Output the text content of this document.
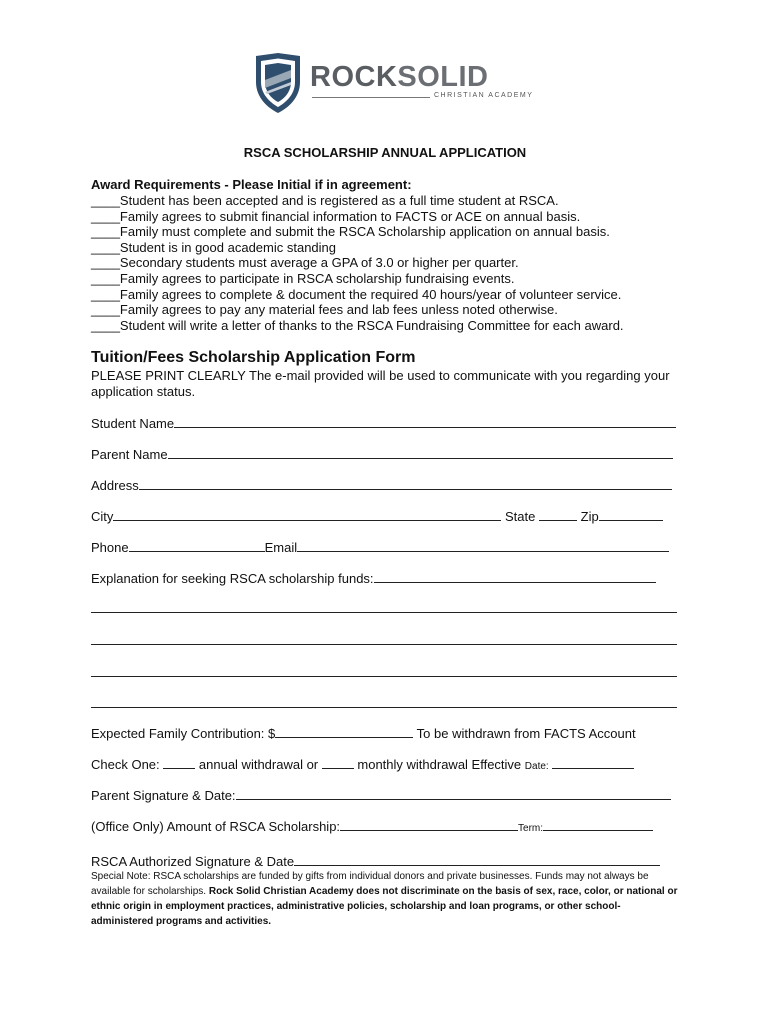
ROCKSOLID
CHRISTIAN ACADEMY
RSCA SCHOLARSHIP ANNUAL APPLICATION
Award Requirements - Please Initial if in agreement:
____Student has been accepted and is registered as a full time student at RSCA.
____Family agrees to submit financial information to FACTS or ACE on annual basis.
____Family must complete and submit the RSCA Scholarship application on annual basis.
____Student is in good academic standing
____Secondary students must average a GPA of 3.0 or higher per quarter.
____Family agrees to participate in RSCA scholarship fundraising events.
____Family agrees to complete & document the required 40 hours/year of volunteer service.
____Family agrees to pay any material fees and lab fees unless noted otherwise.
____Student will write a letter of thanks to the RSCA Fundraising Committee for each award.
Tuition/Fees Scholarship Application Form
PLEASE PRINT CLEARLY The e-mail provided will be used to communicate with you regarding your application status.
Student Name
Parent Name
Address
City	State	Zip
Phone	Email
Explanation for seeking RSCA scholarship funds:
Expected Family Contribution: $	To be withdrawn from FACTS Account
Check One:	annual withdrawal or	monthly withdrawal Effective Date:
Parent Signature & Date:
(Office Only) Amount of RSCA Scholarship:	Term:
RSCA Authorized Signature & Date
Special Note: RSCA scholarships are funded by gifts from individual donors and private businesses. Funds may not always be available for scholarships. Rock Solid Christian Academy does not discriminate on the basis of sex, race, color, or national or ethnic origin in employment practices, administrative policies, scholarship and loan programs, or other school-administered programs and activities.
